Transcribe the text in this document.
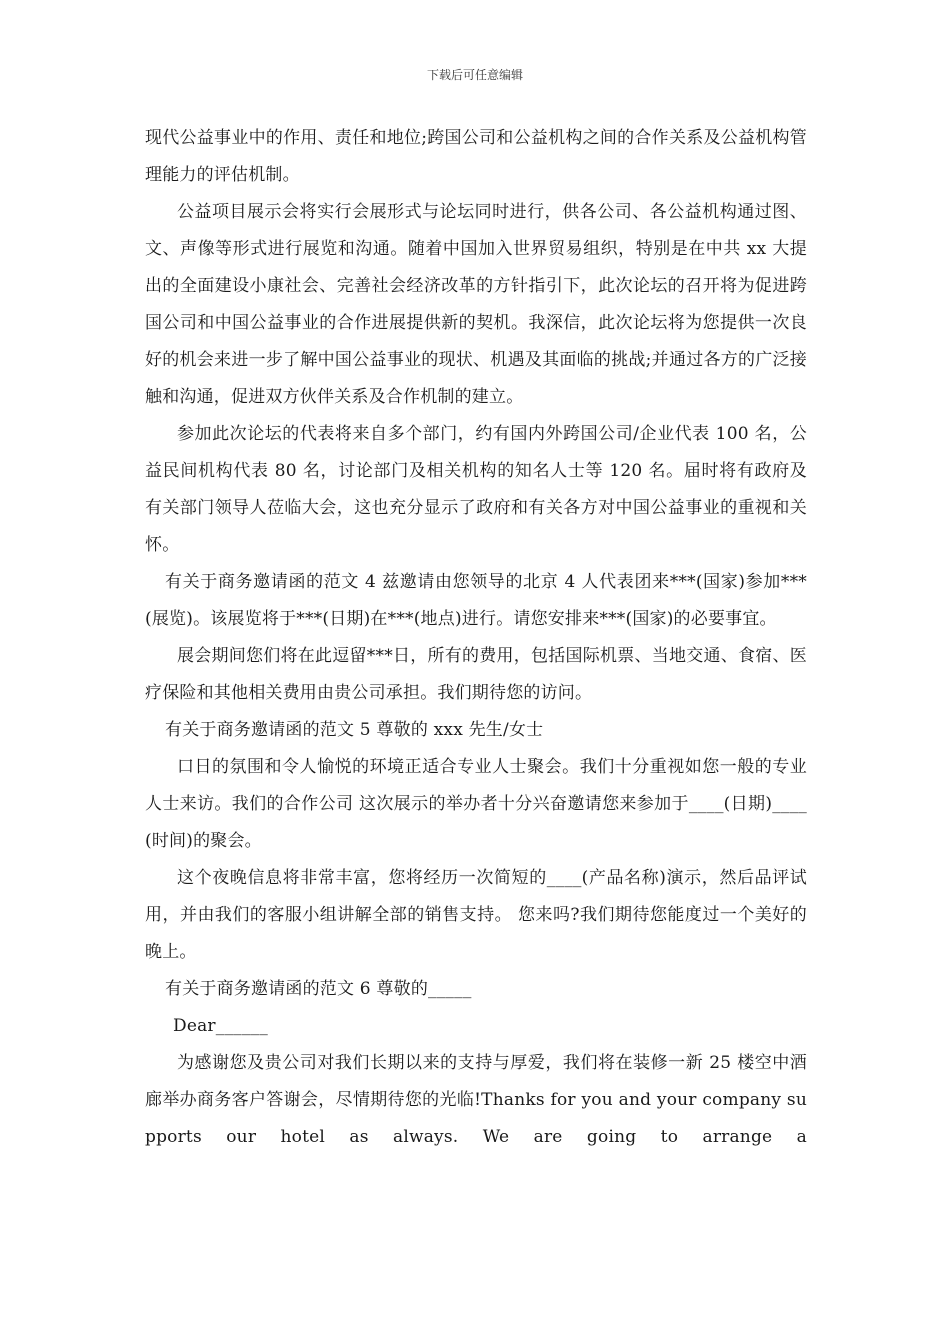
下载后可任意编辑

现代公益事业中的作用、责任和地位;跨国公司和公益机构之间的合作关系及公益机构管理能力的评估机制。

公益项目展示会将实行会展形式与论坛同时进行，供各公司、各公益机构通过图、文、声像等形式进行展览和沟通。随着中国加入世界贸易组织，特别是在中共 xx 大提出的全面建设小康社会、完善社会经济改革的方针指引下，此次论坛的召开将为促进跨国公司和中国公益事业的合作进展提供新的契机。我深信，此次论坛将为您提供一次良好的机会来进一步了解中国公益事业的现状、机遇及其面临的挑战;并通过各方的广泛接触和沟通，促进双方伙伴关系及合作机制的建立。

参加此次论坛的代表将来自多个部门，约有国内外跨国公司/企业代表 100 名，公益民间机构代表 80 名，讨论部门及相关机构的知名人士等 120 名。届时将有政府及有关部门领导人莅临大会，这也充分显示了政府和有关各方对中国公益事业的重视和关怀。

有关于商务邀请函的范文 4 兹邀请由您领导的北京 4 人代表团来***(国家)参加***(展览)。该展览将于***(日期)在***(地点)进行。请您安排来***(国家)的必要事宜。

展会期间您们将在此逗留***日，所有的费用，包括国际机票、当地交通、食宿、医疗保险和其他相关费用由贵公司承担。我们期待您的访问。

有关于商务邀请函的范文 5 尊敬的 xxx 先生/女士

口日的氛围和令人愉悦的环境正适合专业人士聚会。我们十分重视如您一般的专业人士来访。我们的合作公司 这次展示的举办者十分兴奋邀请您来参加于____(日期)____(时间)的聚会。

这个夜晚信息将非常丰富，您将经历一次简短的____(产品名称)演示，然后品评试用，并由我们的客服小组讲解全部的销售支持。 您来吗?我们期待您能度过一个美好的晚上。

有关于商务邀请函的范文 6 尊敬的_____

Dear______

为感谢您及贵公司对我们长期以来的支持与厚爱，我们将在装修一新 25 楼空中酒廊举办商务客户答谢会，尽情期待您的光临!Thanks for you and your company supports our hotel as always. We are going to arrange a
